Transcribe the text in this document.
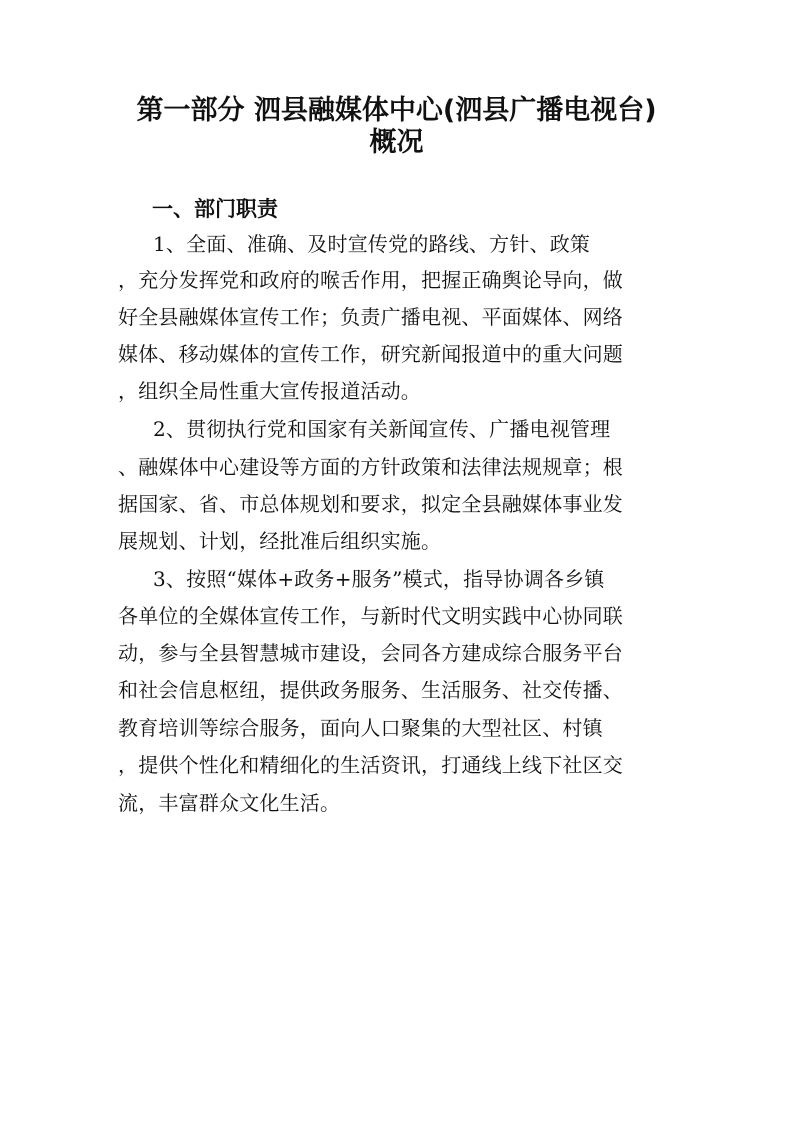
第一部分 泗县融媒体中心(泗县广播电视台)
概况
一、部门职责
1、全面、准确、及时宣传党的路线、方针、政策
，充分发挥党和政府的喉舌作用，把握正确舆论导向，做
好全县融媒体宣传工作；负责广播电视、平面媒体、网络
媒体、移动媒体的宣传工作，研究新闻报道中的重大问题
，组织全局性重大宣传报道活动。
2、贯彻执行党和国家有关新闻宣传、广播电视管理
、融媒体中心建设等方面的方针政策和法律法规规章；根
据国家、省、市总体规划和要求，拟定全县融媒体事业发
展规划、计划，经批准后组织实施。
3、按照“媒体+政务+服务”模式，指导协调各乡镇
各单位的全媒体宣传工作，与新时代文明实践中心协同联
动，参与全县智慧城市建设，会同各方建成综合服务平台
和社会信息枢纽，提供政务服务、生活服务、社交传播、
教育培训等综合服务，面向人口聚集的大型社区、村镇
，提供个性化和精细化的生活资讯，打通线上线下社区交
流，丰富群众文化生活。
